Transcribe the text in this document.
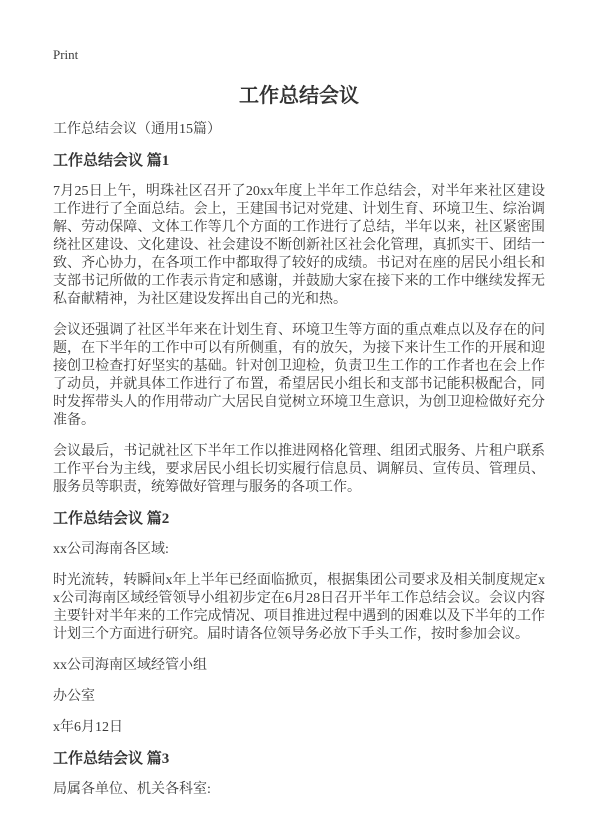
Print
工作总结会议

工作总结会议（通用15篇）

工作总结会议 篇1

7月25日上午，明珠社区召开了20xx年度上半年工作总结会，对半年来社区建设工作进行了全面总结。会上，王建国书记对党建、计划生育、环境卫生、综治调解、劳动保障、文体工作等几个方面的工作进行了总结，半年以来，社区紧密围绕社区建设、文化建设、社会建设不断创新社区社会化管理，真抓实干、团结一致、齐心协力，在各项工作中都取得了较好的成绩。书记对在座的居民小组长和支部书记所做的工作表示肯定和感谢，并鼓励大家在接下来的工作中继续发挥无私奋献精神，为社区建设发挥出自己的光和热。

会议还强调了社区半年来在计划生育、环境卫生等方面的重点难点以及存在的问题，在下半年的工作中可以有所侧重，有的放矢，为接下来计生工作的开展和迎接创卫检查打好坚实的基础。针对创卫迎检，负责卫生工作的工作者也在会上作了动员，并就具体工作进行了布置，希望居民小组长和支部书记能积极配合，同时发挥带头人的作用带动广大居民自觉树立环境卫生意识，为创卫迎检做好充分准备。

会议最后，书记就社区下半年工作以推进网格化管理、组团式服务、片租户联系工作平台为主线，要求居民小组长切实履行信息员、调解员、宣传员、管理员、服务员等职责，统筹做好管理与服务的各项工作。

工作总结会议 篇2

xx公司海南各区域:

时光流转，转瞬间x年上半年已经面临掀页，根据集团公司要求及相关制度规定xx公司海南区域经管领导小组初步定在6月28日召开半年工作总结会议。会议内容主要针对半年来的工作完成情况、项目推进过程中遇到的困难以及下半年的工作计划三个方面进行研究。届时请各位领导务必放下手头工作，按时参加会议。

xx公司海南区域经管小组

办公室

x年6月12日

工作总结会议 篇3

局属各单位、机关各科室:
